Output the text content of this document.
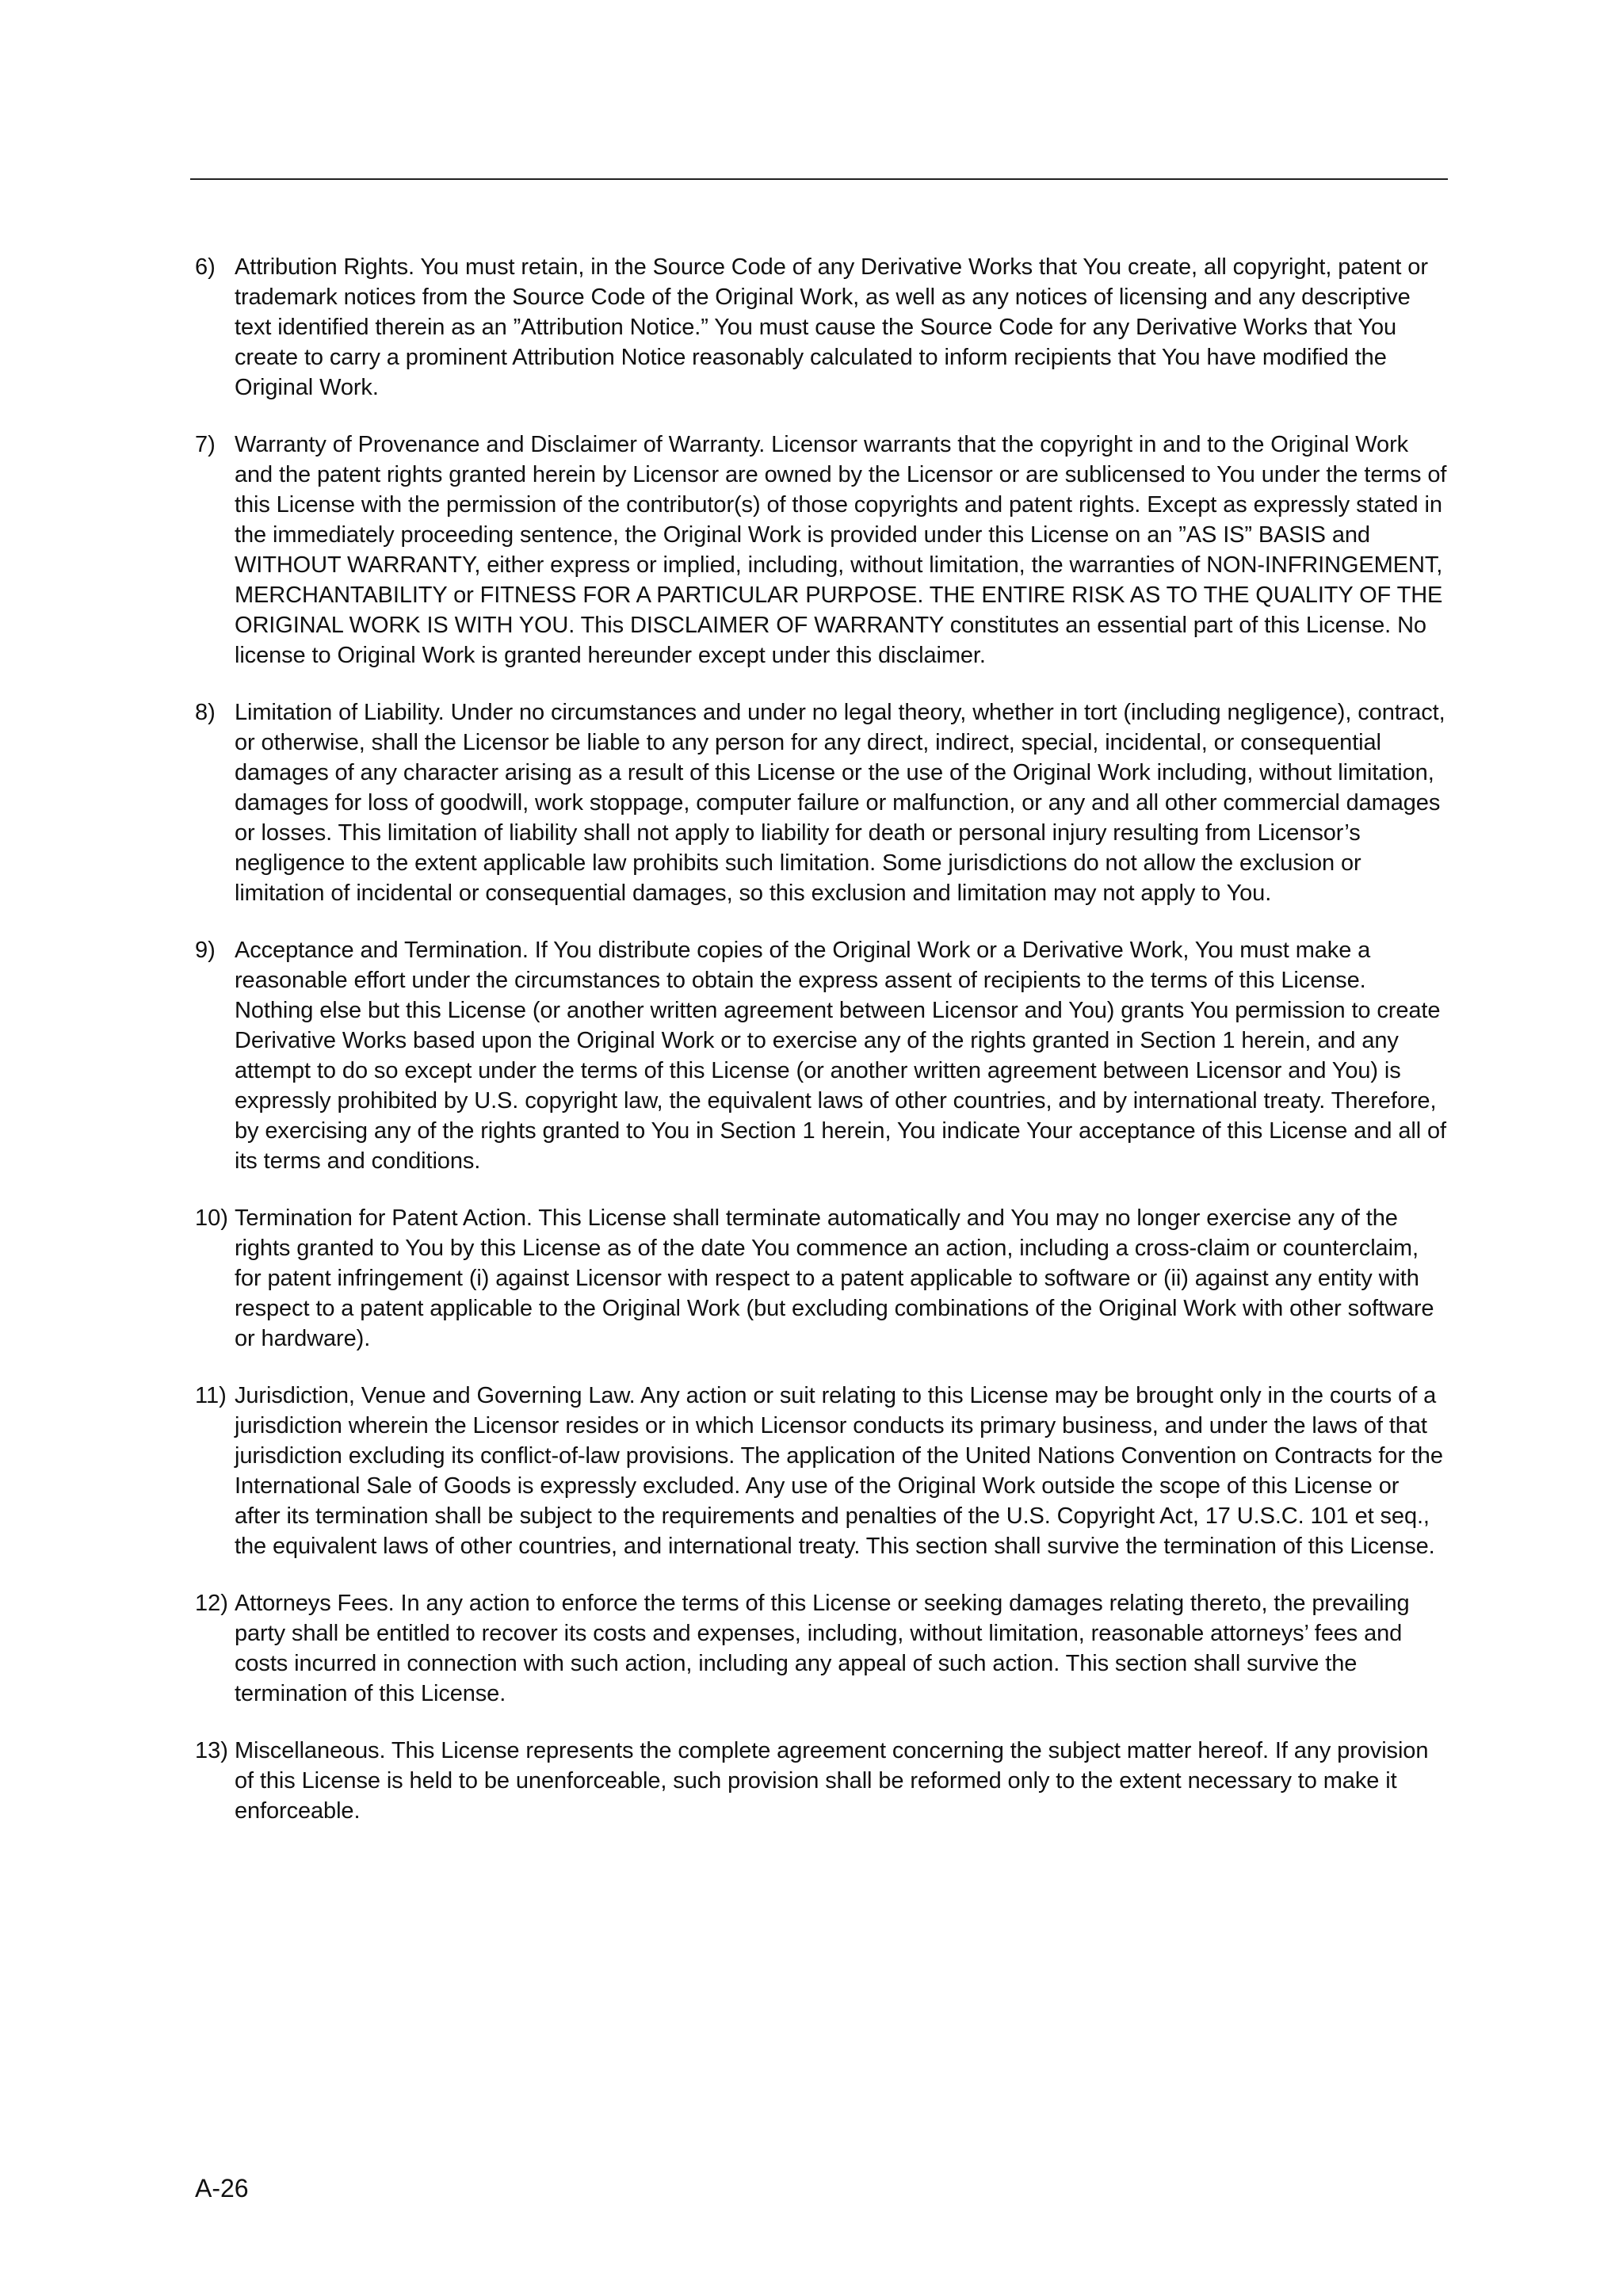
6) Attribution Rights. You must retain, in the Source Code of any Derivative Works that You create, all copyright, patent or trademark notices from the Source Code of the Original Work, as well as any notices of licensing and any descriptive text identified therein as an ”Attribution Notice.” You must cause the Source Code for any Derivative Works that You create to carry a prominent Attribution Notice reasonably calculated to inform recipients that You have modified the Original Work.
7) Warranty of Provenance and Disclaimer of Warranty. Licensor warrants that the copyright in and to the Original Work and the patent rights granted herein by Licensor are owned by the Licensor or are sublicensed to You under the terms of this License with the permission of the contributor(s) of those copyrights and patent rights. Except as expressly stated in the immediately proceeding sentence, the Original Work is provided under this License on an ”AS IS” BASIS and WITHOUT WARRANTY, either express or implied, including, without limitation, the warranties of NON-INFRINGEMENT, MERCHANTABILITY or FITNESS FOR A PARTICULAR PURPOSE. THE ENTIRE RISK AS TO THE QUALITY OF THE ORIGINAL WORK IS WITH YOU. This DISCLAIMER OF WARRANTY constitutes an essential part of this License. No license to Original Work is granted hereunder except under this disclaimer.
8) Limitation of Liability. Under no circumstances and under no legal theory, whether in tort (including negligence), contract, or otherwise, shall the Licensor be liable to any person for any direct, indirect, special, incidental, or consequential damages of any character arising as a result of this License or the use of the Original Work including, without limitation, damages for loss of goodwill, work stoppage, computer failure or malfunction, or any and all other commercial damages or losses. This limitation of liability shall not apply to liability for death or personal injury resulting from Licensor’s negligence to the extent applicable law prohibits such limitation. Some jurisdictions do not allow the exclusion or limitation of incidental or consequential damages, so this exclusion and limitation may not apply to You.
9) Acceptance and Termination. If You distribute copies of the Original Work or a Derivative Work, You must make a reasonable effort under the circumstances to obtain the express assent of recipients to the terms of this License. Nothing else but this License (or another written agreement between Licensor and You) grants You permission to create Derivative Works based upon the Original Work or to exercise any of the rights granted in Section 1 herein, and any attempt to do so except under the terms of this License (or another written agreement between Licensor and You) is expressly prohibited by U.S. copyright law, the equivalent laws of other countries, and by international treaty. Therefore, by exercising any of the rights granted to You in Section 1 herein, You indicate Your acceptance of this License and all of its terms and conditions.
10) Termination for Patent Action. This License shall terminate automatically and You may no longer exercise any of the rights granted to You by this License as of the date You commence an action, including a cross-claim or counterclaim, for patent infringement (i) against Licensor with respect to a patent applicable to software or (ii) against any entity with respect to a patent applicable to the Original Work (but excluding combinations of the Original Work with other software or hardware).
11) Jurisdiction, Venue and Governing Law. Any action or suit relating to this License may be brought only in the courts of a jurisdiction wherein the Licensor resides or in which Licensor conducts its primary business, and under the laws of that jurisdiction excluding its conflict-of-law provisions. The application of the United Nations Convention on Contracts for the International Sale of Goods is expressly excluded. Any use of the Original Work outside the scope of this License or after its termination shall be subject to the requirements and penalties of the U.S. Copyright Act, 17 U.S.C. 101 et seq., the equivalent laws of other countries, and international treaty. This section shall survive the termination of this License.
12) Attorneys Fees. In any action to enforce the terms of this License or seeking damages relating thereto, the prevailing party shall be entitled to recover its costs and expenses, including, without limitation, reasonable attorneys’ fees and costs incurred in connection with such action, including any appeal of such action. This section shall survive the termination of this License.
13) Miscellaneous. This License represents the complete agreement concerning the subject matter hereof. If any provision of this License is held to be unenforceable, such provision shall be reformed only to the extent necessary to make it enforceable.
A-26
